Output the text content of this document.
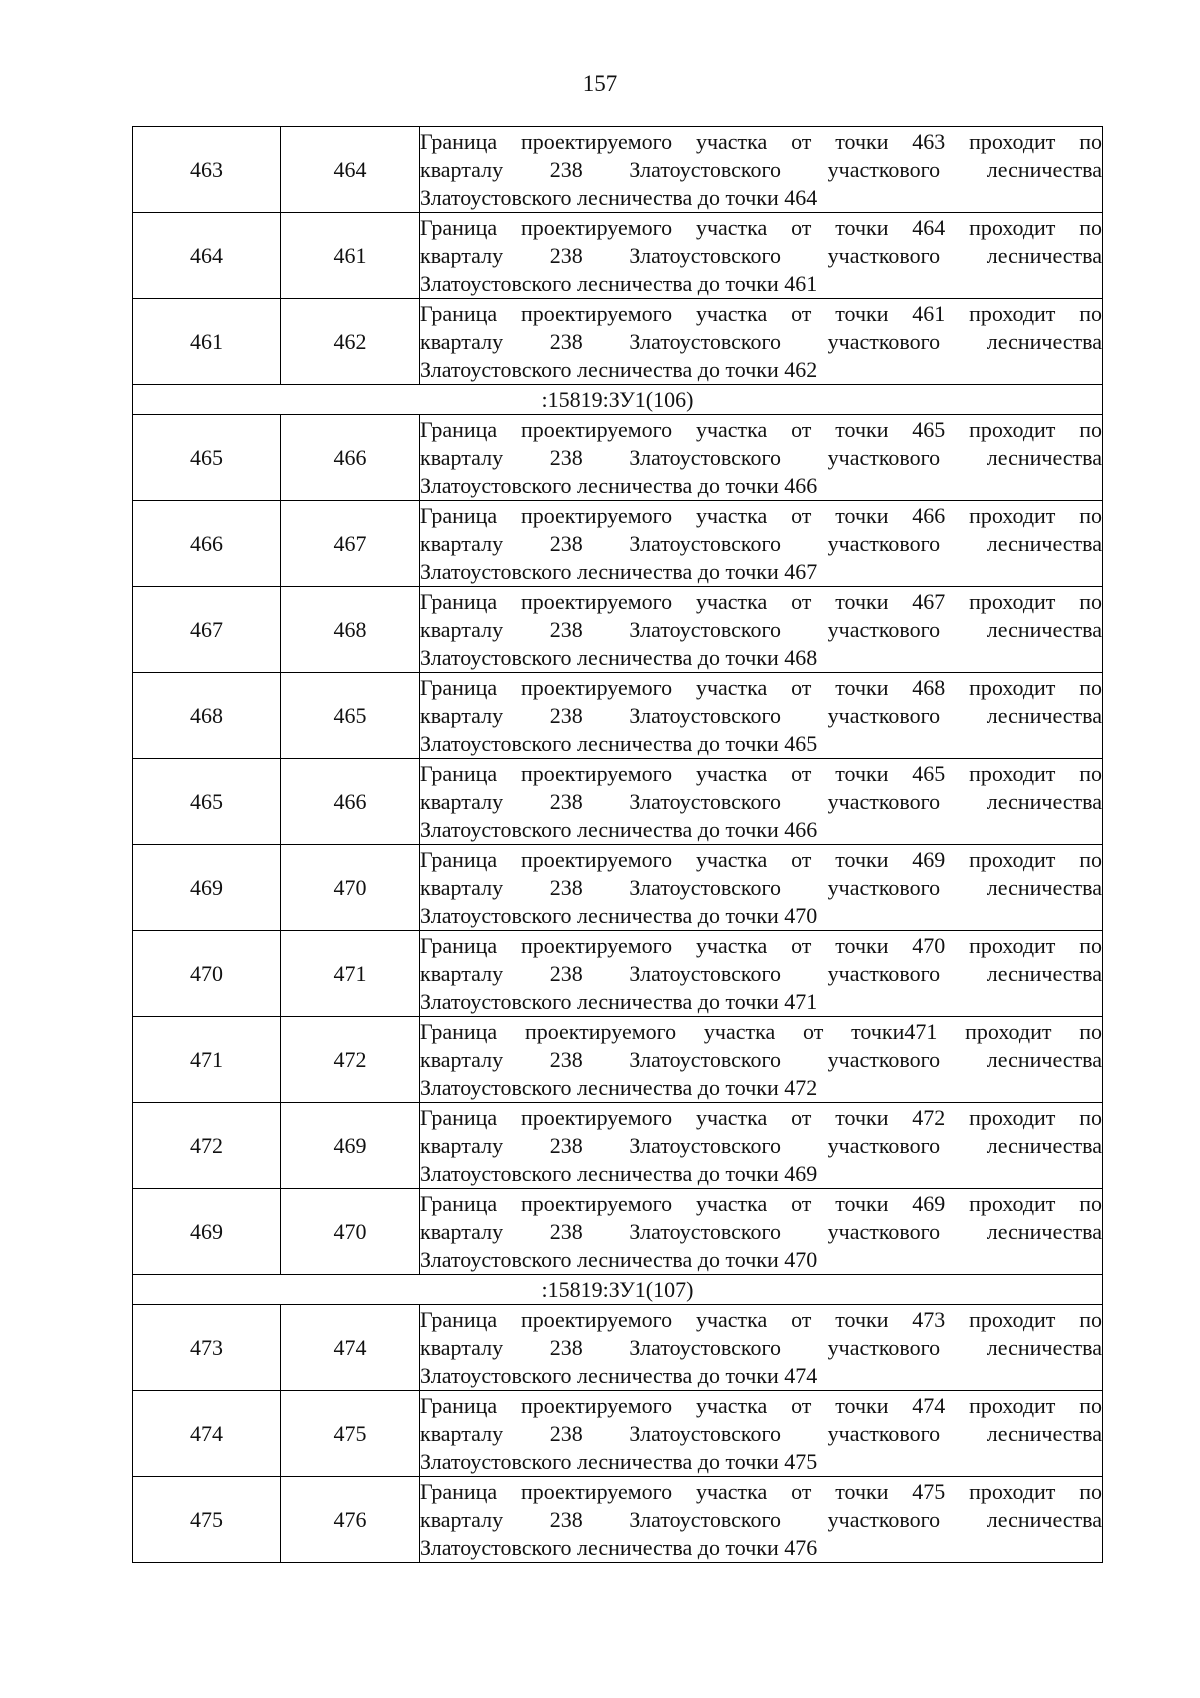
157
463	464	Граница проектируемого участка от точки 463 проходит по
кварталу 238 Златоустовского участкового лесничества
Златоустовского лесничества до точки 464

464	461	Граница проектируемого участка от точки 464 проходит по
кварталу 238 Златоустовского участкового лесничества
Златоустовского лесничества до точки 461

461	462	Граница проектируемого участка от точки 461 проходит по
кварталу 238 Златоустовского участкового лесничества
Златоустовского лесничества до точки 462

:15819:ЗУ1(106)		
465	466	Граница проектируемого участка от точки 465 проходит по
кварталу 238 Златоустовского участкового лесничества
Златоустовского лесничества до точки 466

466	467	Граница проектируемого участка от точки 466 проходит по
кварталу 238 Златоустовского участкового лесничества
Златоустовского лесничества до точки 467

467	468	Граница проектируемого участка от точки 467 проходит по
кварталу 238 Златоустовского участкового лесничества
Златоустовского лесничества до точки 468

468	465	Граница проектируемого участка от точки 468 проходит по
кварталу 238 Златоустовского участкового лесничества
Златоустовского лесничества до точки 465

465	466	Граница проектируемого участка от точки 465 проходит по
кварталу 238 Златоустовского участкового лесничества
Златоустовского лесничества до точки 466

469	470	Граница проектируемого участка от точки 469 проходит по
кварталу 238 Златоустовского участкового лесничества
Златоустовского лесничества до точки 470

470	471	Граница проектируемого участка от точки 470 проходит по
кварталу 238 Златоустовского участкового лесничества
Златоустовского лесничества до точки 471

471	472	Граница проектируемого участка от точки471 проходит по
кварталу 238 Златоустовского участкового лесничества
Златоустовского лесничества до точки 472

472	469	Граница проектируемого участка от точки 472 проходит по
кварталу 238 Златоустовского участкового лесничества
Златоустовского лесничества до точки 469

469	470	Граница проектируемого участка от точки 469 проходит по
кварталу 238 Златоустовского участкового лесничества
Златоустовского лесничества до точки 470

:15819:ЗУ1(107)		
473	474	Граница проектируемого участка от точки 473 проходит по
кварталу 238 Златоустовского участкового лесничества
Златоустовского лесничества до точки 474

474	475	Граница проектируемого участка от точки 474 проходит по
кварталу 238 Златоустовского участкового лесничества
Златоустовского лесничества до точки 475

475	476	Граница проектируемого участка от точки 475 проходит по
кварталу 238 Златоустовского участкового лесничества
Златоустовского лесничества до точки 476
